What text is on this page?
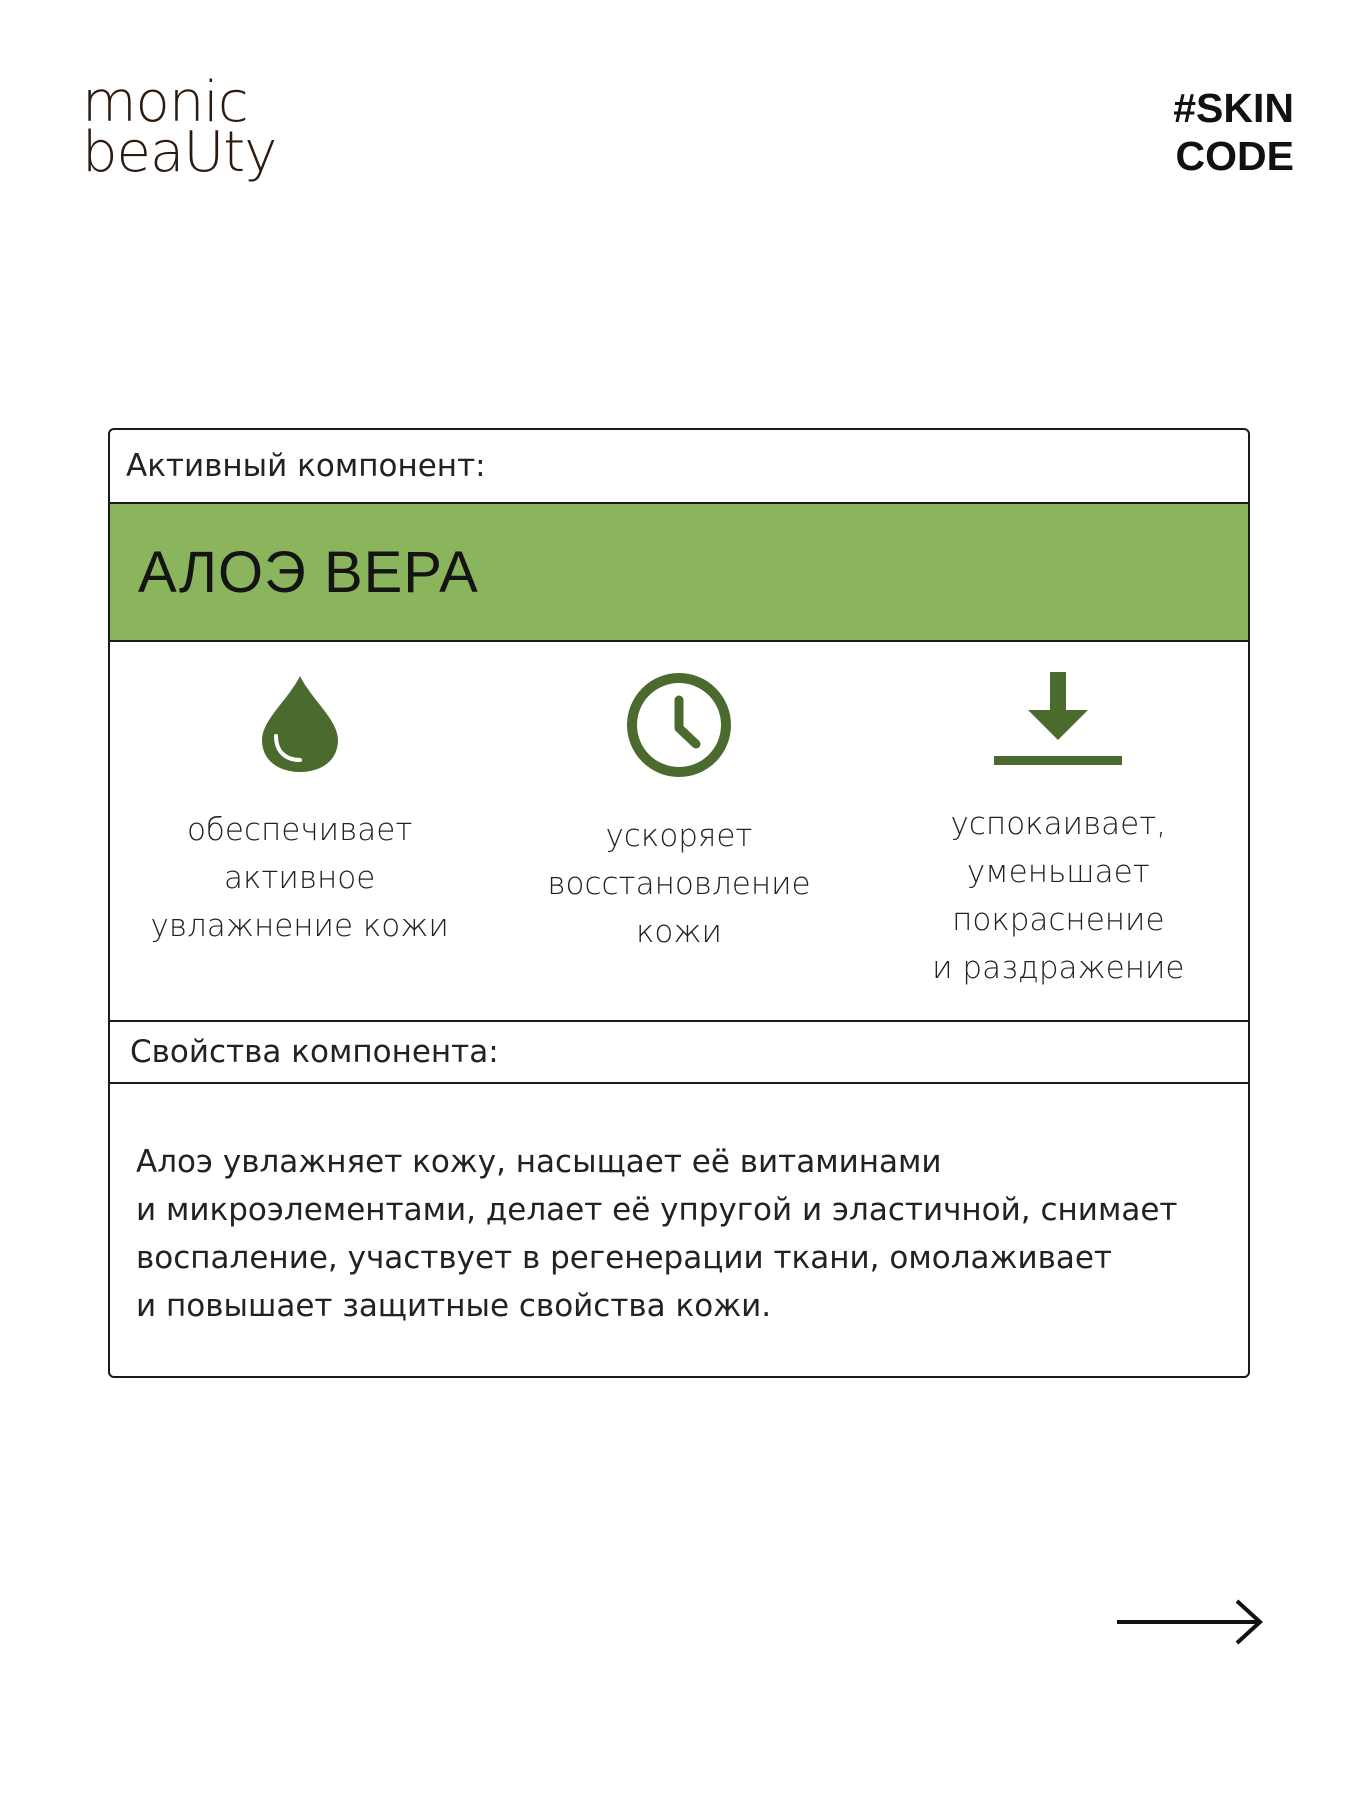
monic
beaUty
#SKIN
CODE
Активный компонент:
АЛОЭ ВЕРА
обеспечивает
активное
увлажнение кожи
ускоряет
восстановление
кожи
успокаивает,
уменьшает
покраснение
и раздражение
Свойства компонента:
Алоэ увлажняет кожу, насыщает её витаминами
и микроэлементами, делает её упругой и эластичной, снимает
воспаление, участвует в регенерации ткани, омолаживает
и повышает защитные свойства кожи.
